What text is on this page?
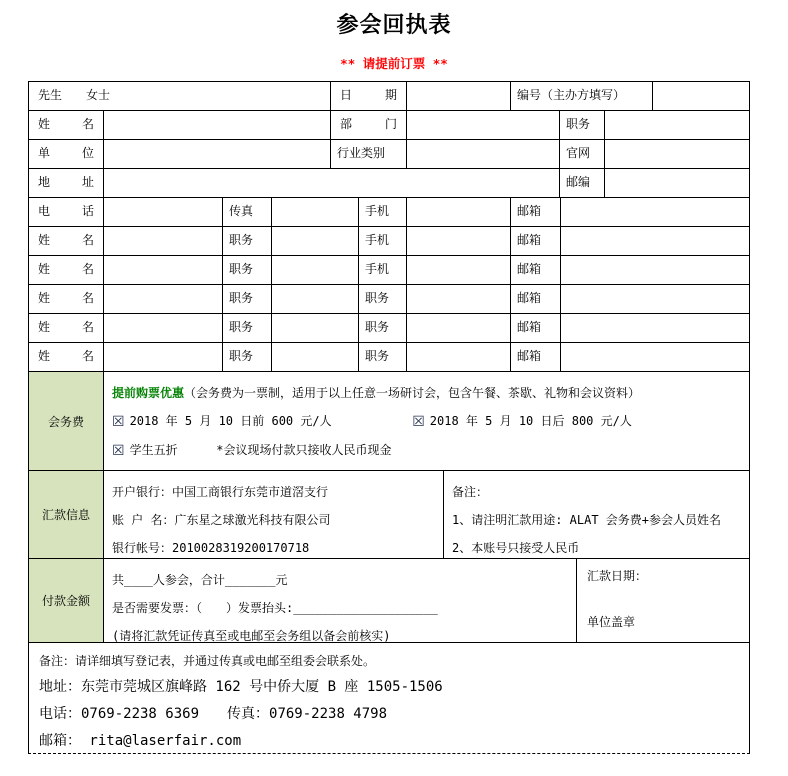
参会回执表
** 请提前订票 **
先生　　女士	日　期	编号（主办方填写）
姓　名	部　门	职务
单　位	行业类别	官网
地　址	邮编
电　话	传真	手机	邮箱
姓　名	职务	手机	邮箱
姓　名	职务	手机	邮箱
姓　名	职务	职务	邮箱
姓　名	职务	职务	邮箱
姓　名	职务	职务	邮箱
会务费
提前购票优惠（会务费为一票制，适用于以上任意一场研讨会，包含午餐、茶歇、礼物和会议资料）
☒ 2018 年 5 月 10 日前 600 元/人	☒ 2018 年 5 月 10 日后 800 元/人
☒ 学生五折	*会议现场付款只接收人民币现金
汇款信息
开户银行：中国工商银行东莞市道滘支行
账 户 名：广东星之球激光科技有限公司
银行帐号：2010028319200170718
备注：
1、请注明汇款用途: ALAT 会务费+参会人员姓名
2、本账号只接受人民币
付款金额
共____人参会，合计_______元
是否需要发票：（　　）发票抬头:____________________
(请将汇款凭证传真至或电邮至会务组以备会前核实)
汇款日期：
单位盖章
备注：请详细填写登记表，并通过传真或电邮至组委会联系处。
地址：东莞市莞城区旗峰路 162 号中侨大厦 B 座 1505-1506
电话：0769-2238 6369 传真：0769-2238 4798
邮箱： rita@laserfair.com
